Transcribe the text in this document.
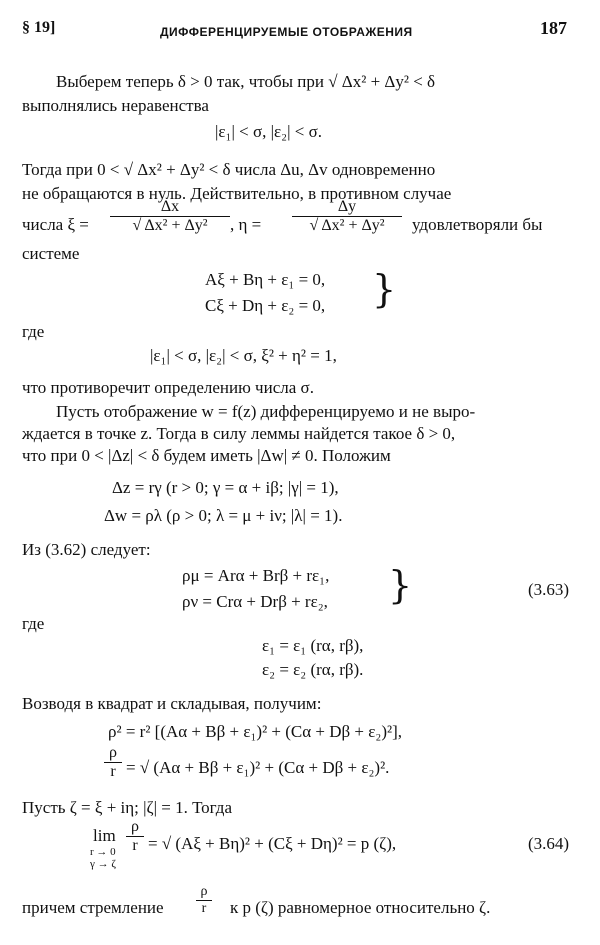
§ 19]	ДИФФЕРЕНЦИРУЕМЫЕ ОТОБРАЖЕНИЯ	187
Выберем теперь δ > 0 так, чтобы при √ Δx² + Δy² < δ
выполнялись неравенства
|ε₁| < σ, |ε₂| < σ.
Тогда при 0 < √ Δx² + Δy² < δ числа Δu, Δv одновременно
не обращаются в нуль. Действительно, в противном случае
числа $\xi = \frac{\Delta x}{\text{√ Δx² + Δy²}}$ , $\eta = \frac{\Delta y}{\text{√ Δx² + Δy²}}$ удовлетворяли бы
системе
Aξ + Bη + ε₁ = 0,
Cξ + Dη + ε₂ = 0, }
где
|ε₁| < σ, |ε₂| < σ, ξ² + η² = 1,
что противоречит определению числа σ.
Пусть отображение w = f(z) дифференцируемо и не выро-
ждается в точке z. Тогда в силу леммы найдется такое δ > 0,
что при 0 < |Δz| < δ будем иметь |Δw| ≠ 0. Положим
Δz = rγ (r > 0; γ = α + iβ; |γ| = 1),
Δw = ρλ (ρ > 0; λ = μ + iν; |λ| = 1).
Из (3.62) следует:
ρμ = Arα + Brβ + rε₁,
ρν = Crα + Drβ + rε₂, }	(3.63)
где
ε₁ = ε₁ (rα, rβ),
ε₂ = ε₂ (rα, rβ).
Возводя в квадрат и складывая, получим:
ρ² = r² [(Aα + Bβ + ε₁)² + (Cα + Dβ + ε₂)²],
$\frac{\rho}{r}$ = √ (Aα + Bβ + ε₁)² + (Cα + Dβ + ε₂)².
Пусть ζ = ξ + iη; |ζ| = 1. Тогда
lim
r → 0
γ → ζ
$\frac{\rho}{r}$ = √ (Aξ + Bη)² + (Cξ + Dη)² = p (ζ),	(3.64)
причем стремление $\frac{\rho}{r}$ к p (ζ) равномерное относительно ζ.
